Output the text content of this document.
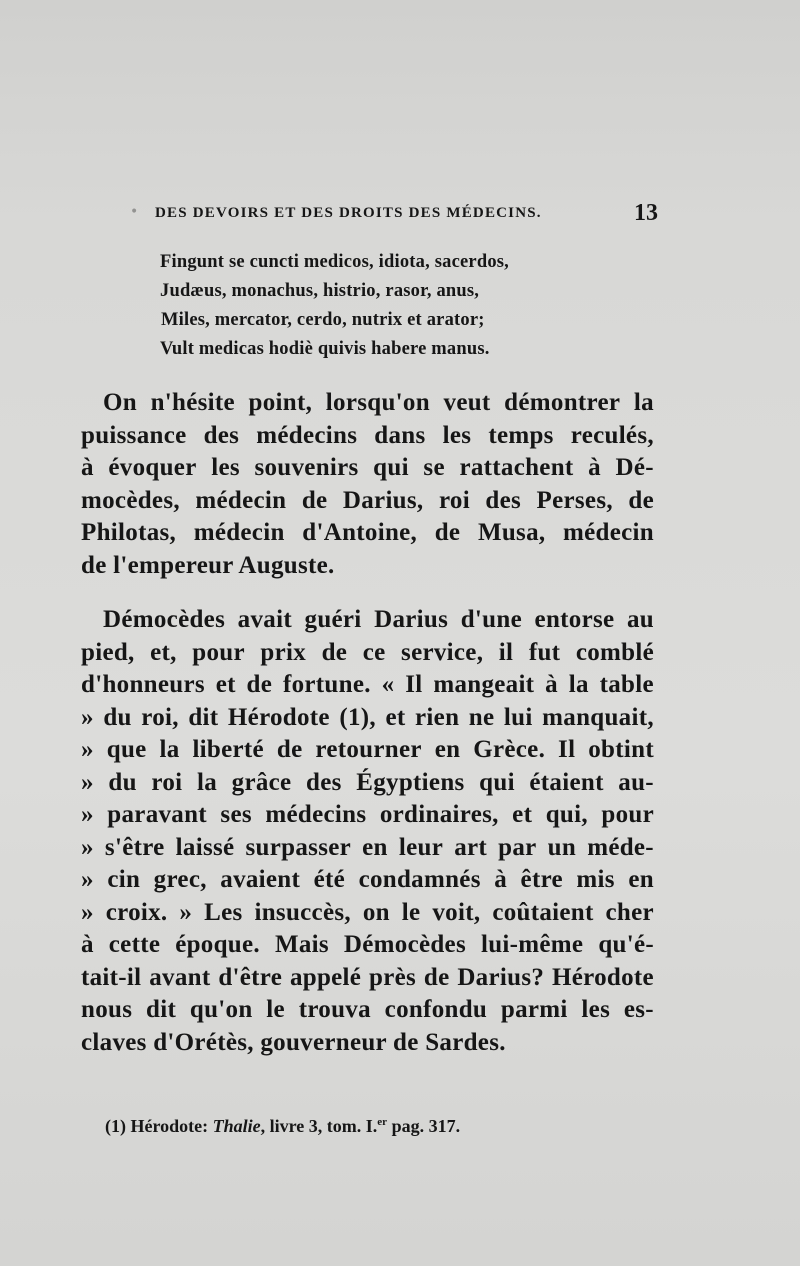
• DES DEVOIRS ET DES DROITS DES MÉDECINS.	13
Fingunt se cuncti medicos, idiota, sacerdos,
Judæus, monachus, histrio, rasor, anus,
Miles, mercator, cerdo, nutrix et arator;
Vult medicas hodiè quivis habere manus.
On n'hésite point, lorsqu'on veut démontrer la
puissance des médecins dans les temps reculés,
à évoquer les souvenirs qui se rattachent à Dé-
mocèdes, médecin de Darius, roi des Perses, de
Philotas, médecin d'Antoine, de Musa, médecin
de l'empereur Auguste.
Démocèdes avait guéri Darius d'une entorse au
pied, et, pour prix de ce service, il fut comblé
d'honneurs et de fortune. « Il mangeait à la table
» du roi, dit Hérodote (1), et rien ne lui manquait,
» que la liberté de retourner en Grèce. Il obtint
» du roi la grâce des Égyptiens qui étaient au-
» paravant ses médecins ordinaires, et qui, pour
» s'être laissé surpasser en leur art par un méde-
» cin grec, avaient été condamnés à être mis en
» croix. » Les insuccès, on le voit, coûtaient cher
à cette époque. Mais Démocèdes lui-même qu'é-
tait-il avant d'être appelé près de Darius? Hérodote
nous dit qu'on le trouva confondu parmi les es-
claves d'Orétès, gouverneur de Sardes.
(1) Hérodote: Thalie, livre 3, tom. I.$^{er}$ pag. 317.
